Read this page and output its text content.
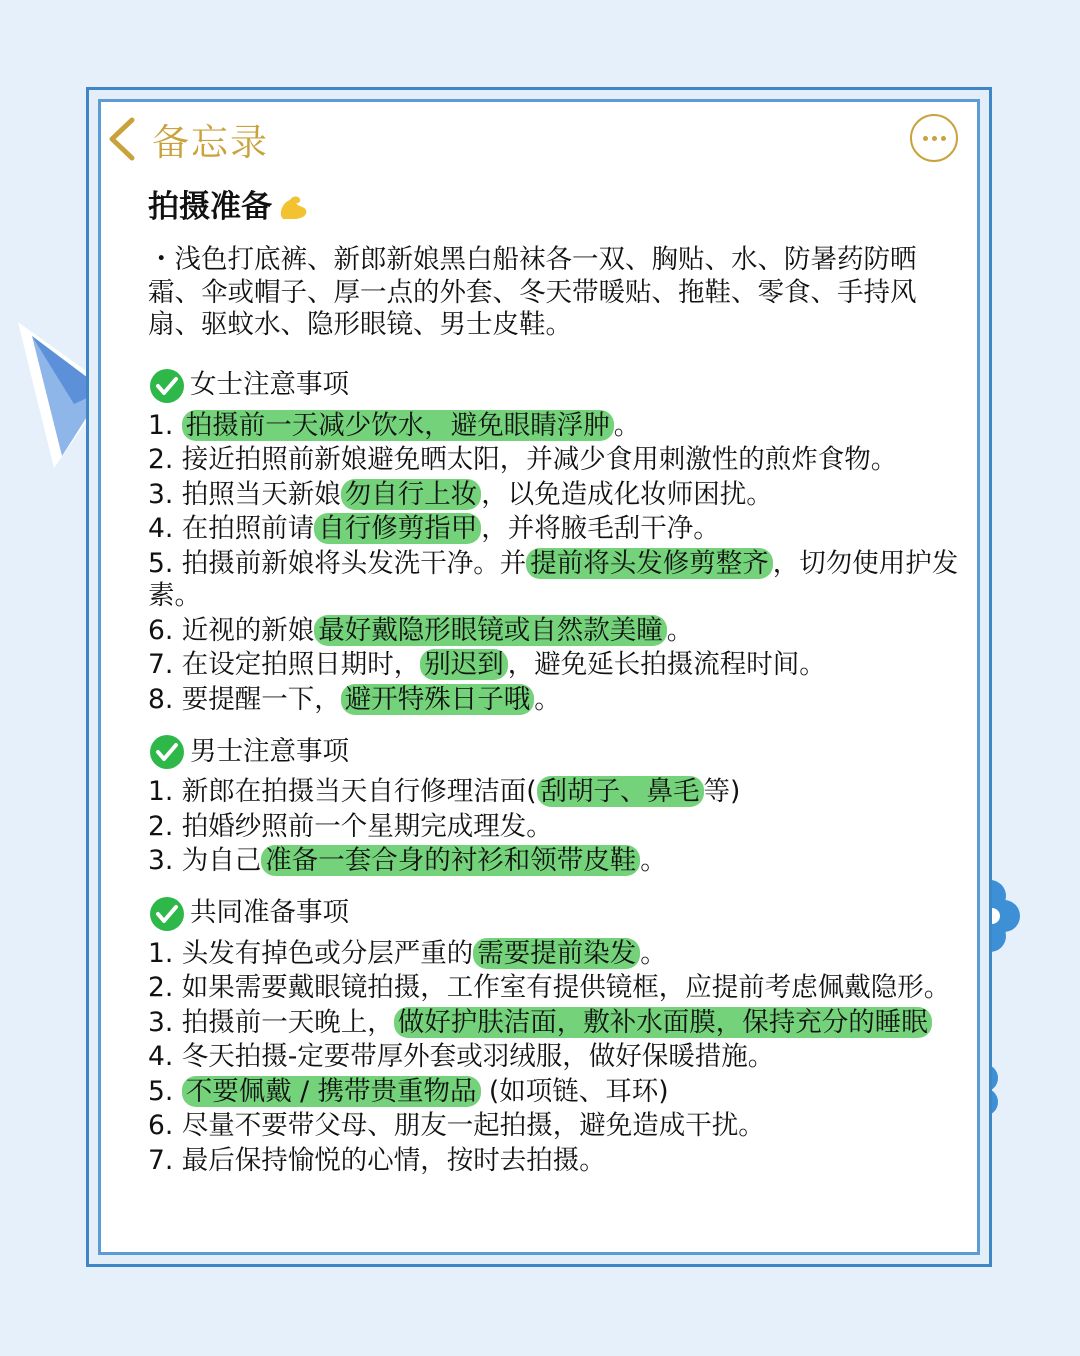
备忘录
拍摄准备
・浅色打底裤、新郎新娘黑白船袜各一双、胸贴、水、防暑药防晒霜、伞或帽子、厚一点的外套、冬天带暖贴、拖鞋、零食、手持风扇、驱蚊水、隐形眼镜、男士皮鞋。
女士注意事项
1. 拍摄前一天减少饮水，避免眼睛浮肿 。
2. 接近拍照前新娘避免晒太阳，并减少食用刺激性的煎炸食物。
3. 拍照当天新娘 勿自行上妆 ，以免造成化妆师困扰。
4. 在拍照前请 自行修剪指甲 ，并将腋毛刮干净。
5. 拍摄前新娘将头发洗干净。并 提前将头发修剪整齐 ，切勿使用护发素。
6. 近视的新娘 最好戴隐形眼镜或自然款美瞳 。
7. 在设定拍照日期时， 别迟到 ，避免延长拍摄流程时间。
8. 要提醒一下， 避开特殊日子哦 。
男士注意事项
1. 新郎在拍摄当天自行修理洁面( 刮胡子、鼻毛 等)
2. 拍婚纱照前一个星期完成理发。
3. 为自己 准备一套合身的衬衫和领带皮鞋 。
共同准备事项
1. 头发有掉色或分层严重的 需要提前染发 。
2. 如果需要戴眼镜拍摄，工作室有提供镜框，应提前考虑佩戴隐形。
3. 拍摄前一天晚上， 做好护肤洁面，敷补水面膜，保持充分的睡眠
4. 冬天拍摄-定要带厚外套或羽绒服，做好保暖措施。
5. 不要佩戴 / 携带贵重物品 (如项链、耳环)
6. 尽量不要带父母、朋友一起拍摄，避免造成干扰。
7. 最后保持愉悦的心情，按时去拍摄。
